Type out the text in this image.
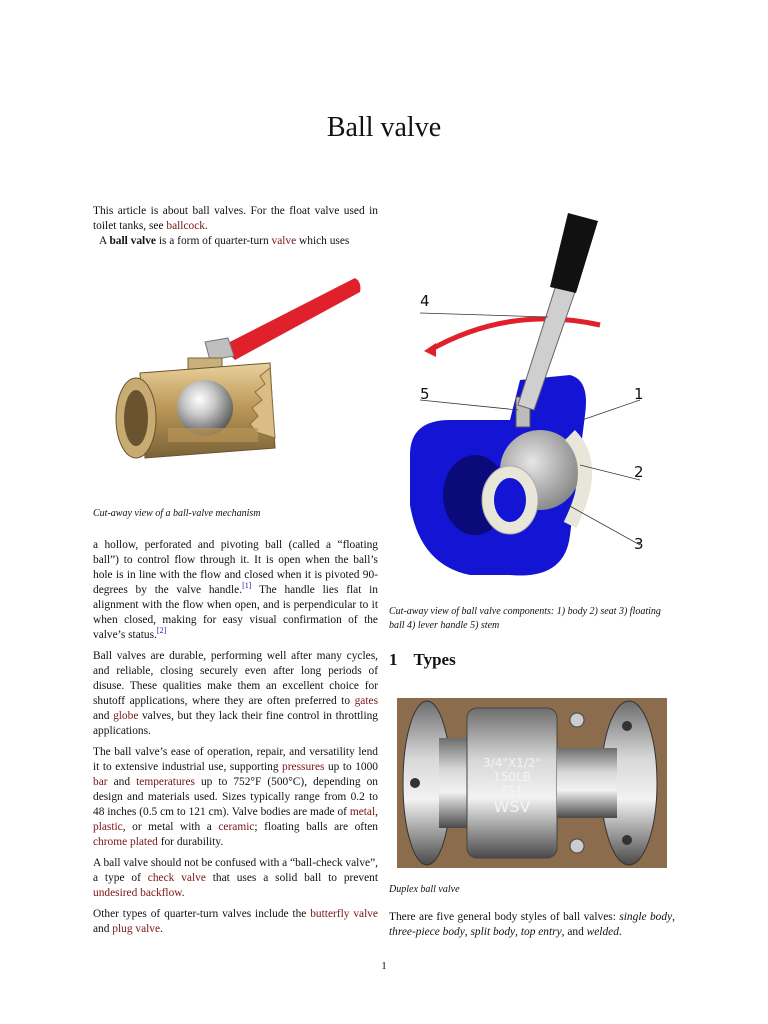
Ball valve

This article is about ball valves. For the float valve used in toilet tanks, see ballcock.

A ball valve is a form of quarter-turn valve which uses

Cut-away view of a ball-valve mechanism

a hollow, perforated and pivoting ball (called a “floating ball”) to control flow through it. It is open when the ball’s hole is in line with the flow and closed when it is pivoted 90-degrees by the valve handle.[1] The handle lies flat in alignment with the flow when open, and is perpendicular to it when closed, making for easy visual confirmation of the valve’s status.[2]

Ball valves are durable, performing well after many cycles, and reliable, closing securely even after long periods of disuse. These qualities make them an excellent choice for shutoff applications, where they are often preferred to gates and globe valves, but they lack their fine control in throttling applications.

The ball valve’s ease of operation, repair, and versatility lend it to extensive industrial use, supporting pressures up to 1000 bar and temperatures up to 752°F (500°C), depending on design and materials used. Sizes typically range from 0.2 to 48 inches (0.5 cm to 121 cm). Valve bodies are made of metal, plastic, or metal with a ceramic; floating balls are often chrome plated for durability.

A ball valve should not be confused with a “ball-check valve”, a type of check valve that uses a solid ball to prevent undesired backflow.

Other types of quarter-turn valves include the butterfly valve and plug valve.

4
5	1
2
3
Cut-away view of ball valve components: 1) body 2) seat 3) floating ball 4) lever handle 5) stem
1 Types
3/4"X1/2"
150LB
F51
WSV
Duplex ball valve

There are five general body styles of ball valves: single body, three-piece body, split body, top entry, and welded.

1
